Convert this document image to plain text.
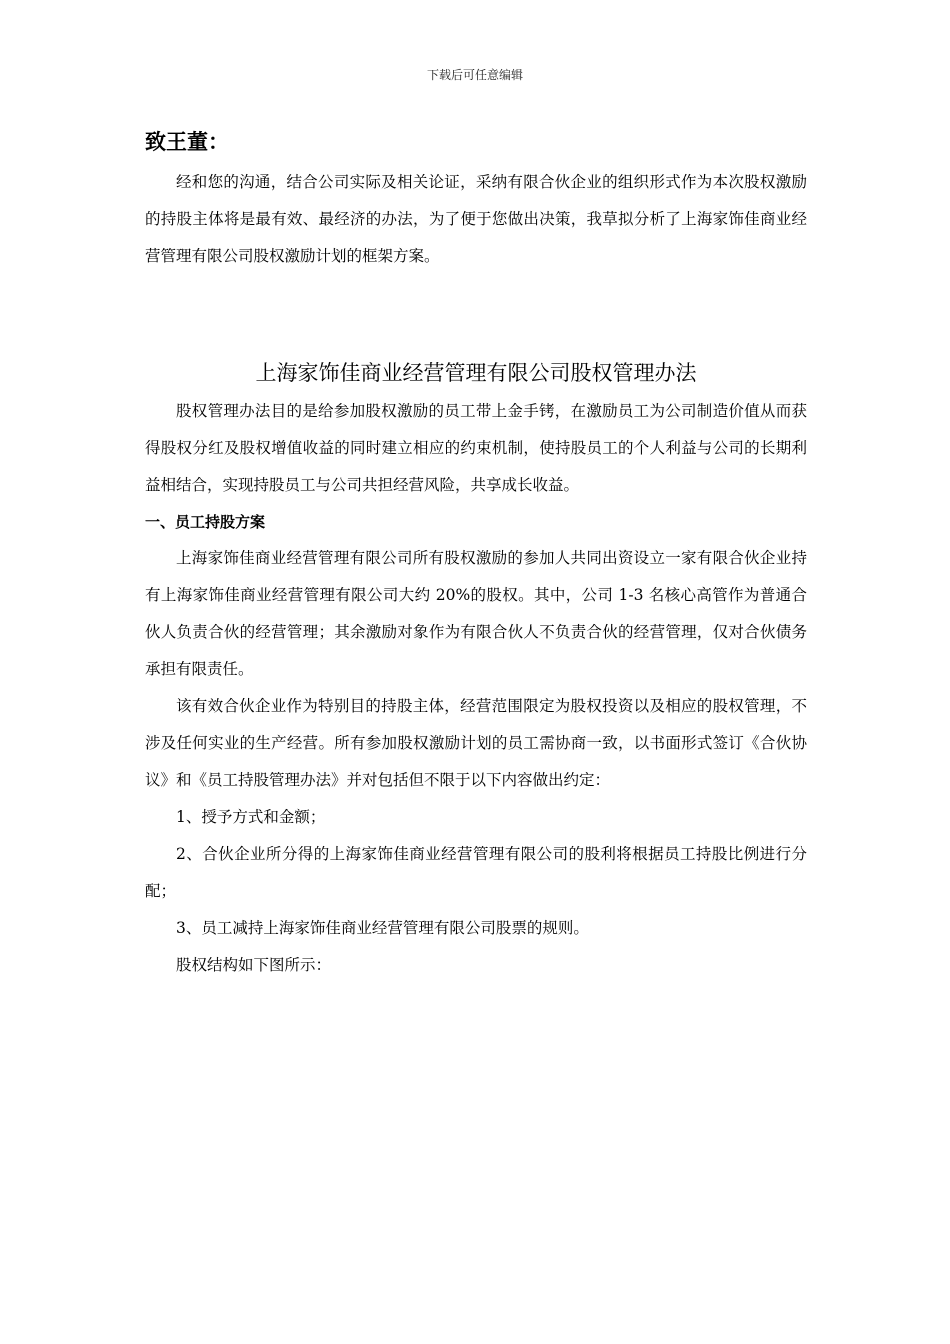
下载后可任意编辑
致王董：

经和您的沟通，结合公司实际及相关论证，采纳有限合伙企业的组织形式作为本次股权激励的持股主体将是最有效、最经济的办法，为了便于您做出决策，我草拟分析了上海家饰佳商业经营管理有限公司股权激励计划的框架方案。

上海家饰佳商业经营管理有限公司股权管理办法

股权管理办法目的是给参加股权激励的员工带上金手铐，在激励员工为公司制造价值从而获得股权分红及股权增值收益的同时建立相应的约束机制，使持股员工的个人利益与公司的长期利益相结合，实现持股员工与公司共担经营风险，共享成长收益。

一、员工持股方案

上海家饰佳商业经营管理有限公司所有股权激励的参加人共同出资设立一家有限合伙企业持有上海家饰佳商业经营管理有限公司大约 20%的股权。其中，公司 1-3 名核心高管作为普通合伙人负责合伙的经营管理；其余激励对象作为有限合伙人不负责合伙的经营管理，仅对合伙债务承担有限责任。

该有效合伙企业作为特别目的持股主体，经营范围限定为股权投资以及相应的股权管理，不涉及任何实业的生产经营。所有参加股权激励计划的员工需协商一致，以书面形式签订《合伙协议》和《员工持股管理办法》并对包括但不限于以下内容做出约定：

1、授予方式和金额；

2、合伙企业所分得的上海家饰佳商业经营管理有限公司的股利将根据员工持股比例进行分配；

3、员工减持上海家饰佳商业经营管理有限公司股票的规则。

股权结构如下图所示：
